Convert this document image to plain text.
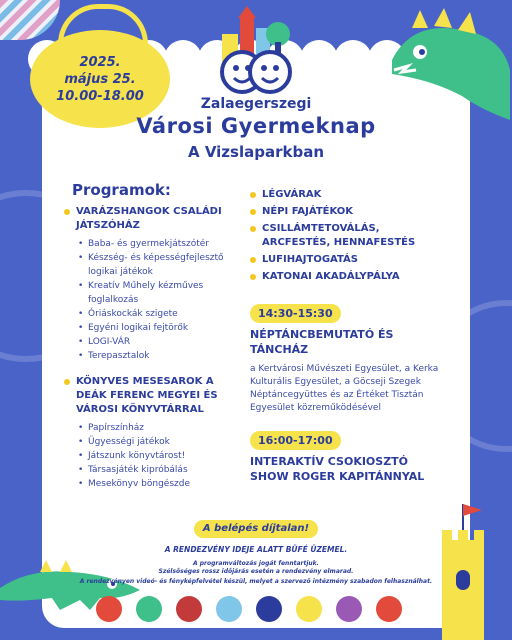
2025.
május 25.
10.00-18.00	Zalaegerszegi
Városi Gyermeknap
A Vizslaparkban
Programok:
VARÁZSHANGOK CSALÁDI JÁTSZÓHÁZ
• Baba- és gyermekjátszótér
• Készség- és képességfejlesztő logikai játékok
• Kreatív Műhely kézműves foglalkozás
• Óriáskockák szigete
• Egyéni logikai fejtörők
• LOGI-VÁR
• Terepasztalok
KÖNYVES MESESAROK A DEÁK FERENC MEGYEI ÉS VÁROSI KÖNYVTÁRRAL
• Papírszínház
• Ügyességi játékok
• Játszunk könyvtárost!
• Társasjáték kipróbálás
• Mesekönyv böngészde
LÉGVÁRAK
NÉPI FAJÁTÉKOK
CSILLÁMTETOVÁLÁS, ARCFESTÉS, HENNAFESTÉS
LUFIHAJTOGATÁS
KATONAI AKADÁLYPÁLYA
14:30-15:30
NÉPTÁNCBEMUTATÓ ÉS TÁNCHÁZ
a Kertvárosi Művészeti Egyesület, a Kerka Kulturális Egyesület, a Göcseji Szegek Néptáncegyüttes és az Értéket Tisztán Egyesület közreműködésével
16:00-17:00
INTERAKTÍV CSOKIOSZTÓ SHOW ROGER KAPITÁNNYAL
A belépés díjtalan!
A RENDEZVÉNY IDEJE ALATT BÜFÉ ÜZEMEL.
A programváltozás jogát fenntartjuk.
Szélsőséges rossz időjárás esetén a rendezvény elmarad.
A rendezvényen videó- és fényképfelvétel készül, melyet a szervező intézmény szabadon felhasználhat.
